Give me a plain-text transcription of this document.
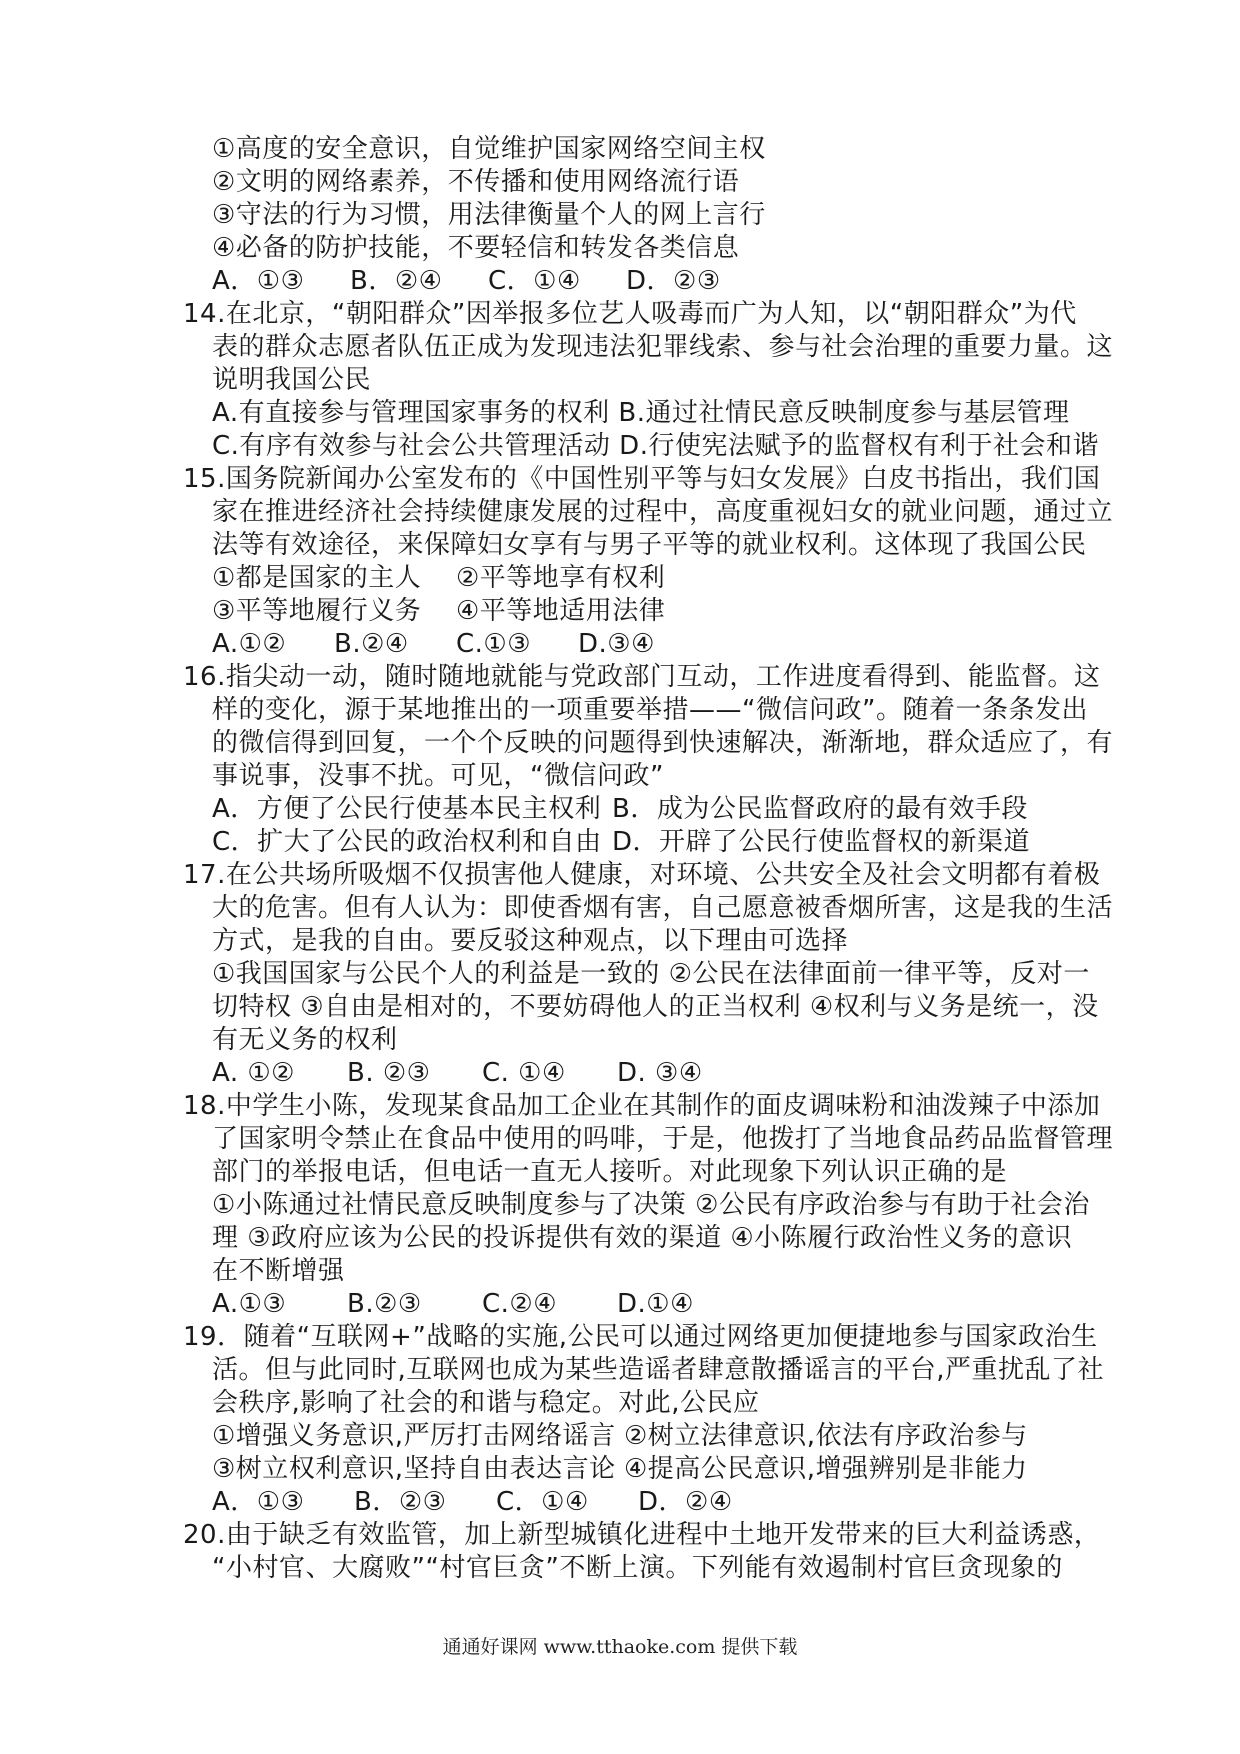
①高度的安全意识，自觉维护国家网络空间主权
②文明的网络素养，不传播和使用网络流行语
③守法的行为习惯，用法律衡量个人的网上言行
④必备的防护技能，不要轻信和转发各类信息
A．①③	B．②④	C．①④	D．②③
14.在北京，“朝阳群众”因举报多位艺人吸毒而广为人知，以“朝阳群众”为代
表的群众志愿者队伍正成为发现违法犯罪线索、参与社会治理的重要力量。这
说明我国公民
A.有直接参与管理国家事务的权利 B.通过社情民意反映制度参与基层管理
C.有序有效参与社会公共管理活动 D.行使宪法赋予的监督权有利于社会和谐
15.国务院新闻办公室发布的《中国性别平等与妇女发展》白皮书指出，我们国
家在推进经济社会持续健康发展的过程中，高度重视妇女的就业问题，通过立
法等有效途径，来保障妇女享有与男子平等的就业权利。这体现了我国公民
①都是国家的主人	②平等地享有权利
③平等地履行义务	④平等地适用法律
A.①②	B.②④	C.①③	D.③④
16.指尖动一动，随时随地就能与党政部门互动，工作进度看得到、能监督。这
样的变化，源于某地推出的一项重要举措——“微信问政”。随着一条条发出
的微信得到回复，一个个反映的问题得到快速解决，渐渐地，群众适应了，有
事说事，没事不扰。可见，“微信问政”
A．方便了公民行使基本民主权利 B．成为公民监督政府的最有效手段
C．扩大了公民的政治权利和自由 D．开辟了公民行使监督权的新渠道
17.在公共场所吸烟不仅损害他人健康，对环境、公共安全及社会文明都有着极
大的危害。但有人认为：即使香烟有害，自己愿意被香烟所害，这是我的生活
方式，是我的自由。要反驳这种观点，以下理由可选择
①我国国家与公民个人的利益是一致的 ②公民在法律面前一律平等，反对一
切特权 ③自由是相对的，不要妨碍他人的正当权利 ④权利与义务是统一，没
有无义务的权利
A. ①②	B. ②③	C. ①④	D. ③④
18.中学生小陈，发现某食品加工企业在其制作的面皮调味粉和油泼辣子中添加
了国家明令禁止在食品中使用的吗啡，于是，他拨打了当地食品药品监督管理
部门的举报电话，但电话一直无人接听。对此现象下列认识正确的是
①小陈通过社情民意反映制度参与了决策 ②公民有序政治参与有助于社会治
理 ③政府应该为公民的投诉提供有效的渠道 ④小陈履行政治性义务的意识
在不断增强
A.①③	B.②③	C.②④	D.①④
19．随着“互联网+”战略的实施,公民可以通过网络更加便捷地参与国家政治生
活。但与此同时,互联网也成为某些造谣者肆意散播谣言的平台,严重扰乱了社
会秩序,影响了社会的和谐与稳定。对此,公民应
①增强义务意识,严厉打击网络谣言 ②树立法律意识,依法有序政治参与
③树立权利意识,坚持自由表达言论 ④提高公民意识,增强辨别是非能力
A．①③	B．②③	C．①④	D．②④
20.由于缺乏有效监管，加上新型城镇化进程中土地开发带来的巨大利益诱惑，
“小村官、大腐败”“村官巨贪”不断上演。下列能有效遏制村官巨贪现象的
通通好课网 www.tthaoke.com 提供下载
